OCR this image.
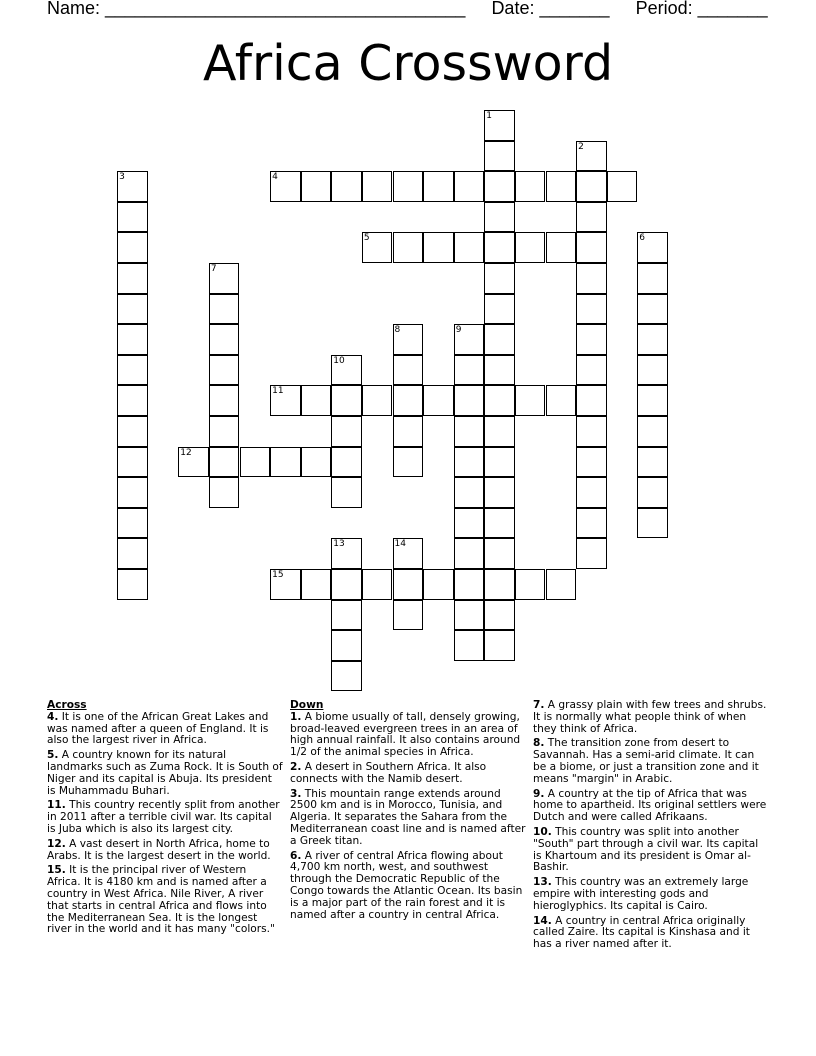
Name: ____________________________________ Date: _______ Period: _______
Africa Crossword
1
2
3	4
5	6
7
8	9
10
11
12
13	14
15
Across
4. It is one of the African Great Lakes and was named after a queen of England. It is also the largest river in Africa.
5. A country known for its natural landmarks such as Zuma Rock. It is South of Niger and its capital is Abuja. Its president is Muhammadu Buhari.
11. This country recently split from another in 2011 after a terrible civil war. Its capital is Juba which is also its largest city.
12. A vast desert in North Africa, home to Arabs. It is the largest desert in the world.
15. It is the principal river of Western Africa. It is 4180 km and is named after a country in West Africa. Nile River, A river that starts in central Africa and flows into the Mediterranean Sea. It is the longest river in the world and it has many "colors."
Down
1. A biome usually of tall, densely growing, broad-leaved evergreen trees in an area of high annual rainfall. It also contains around 1/2 of the animal species in Africa.
2. A desert in Southern Africa. It also connects with the Namib desert.
3. This mountain range extends around 2500 km and is in Morocco, Tunisia, and Algeria. It separates the Sahara from the Mediterranean coast line and is named after a Greek titan.
6. A river of central Africa flowing about 4,700 km north, west, and southwest through the Democratic Republic of the Congo towards the Atlantic Ocean. Its basin is a major part of the rain forest and it is named after a country in central Africa.
7. A grassy plain with few trees and shrubs. It is normally what people think of when they think of Africa.
8. The transition zone from desert to Savannah. Has a semi-arid climate. It can be a biome, or just a transition zone and it means "margin" in Arabic.
9. A country at the tip of Africa that was home to apartheid. Its original settlers were Dutch and were called Afrikaans.
10. This country was split into another "South" part through a civil war. Its capital is Khartoum and its president is Omar al-Bashir.
13. This country was an extremely large empire with interesting gods and hieroglyphics. Its capital is Cairo.
14. A country in central Africa originally called Zaire. Its capital is Kinshasa and it has a river named after it.
